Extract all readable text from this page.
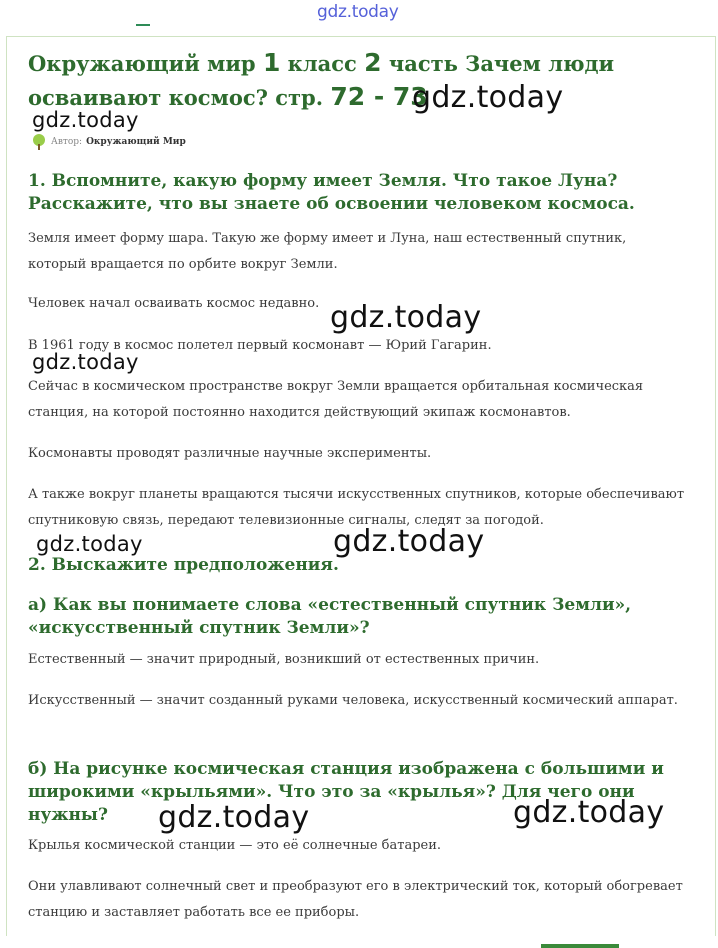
gdz.today
Окружающий мир 1 класс 2 часть Зачем люди осваивают космос? стр. 72 - 73
Автор: Окружающий Мир
1. Вспомните, какую форму имеет Земля. Что такое Луна? Расскажите, что вы знаете об освоении человеком космоса.

Земля имеет форму шара. Такую же форму имеет и Луна, наш естественный спутник, который вращается по орбите вокруг Земли.

Человек начал осваивать космос недавно.

В 1961 году в космос полетел первый космонавт — Юрий Гагарин.

Сейчас в космическом пространстве вокруг Земли вращается орбитальная космическая станция, на которой постоянно находится действующий экипаж космонавтов.

Космонавты проводят различные научные эксперименты.

А также вокруг планеты вращаются тысячи искусственных спутников, которые обеспечивают спутниковую связь, передают телевизионные сигналы, следят за погодой.

2. Выскажите предположения.
а) Как вы понимаете слова «естественный спутник Земли», «искусственный спутник Земли»?

Естественный — значит природный, возникший от естественных причин.

Искусственный — значит созданный руками человека, искусственный космический аппарат.

б) На рисунке космическая станция изображена с большими и широкими «крыльями». Что это за «крылья»? Для чего они нужны?

Крылья космической станции — это её солнечные батареи.

Они улавливают солнечный свет и преобразуют его в электрический ток, который обогревает станцию и заставляет работать все ее приборы.

gdz.today
gdz.today
gdz.today
gdz.today
gdz.today	gdz.today
gdz.today	gdz.today
